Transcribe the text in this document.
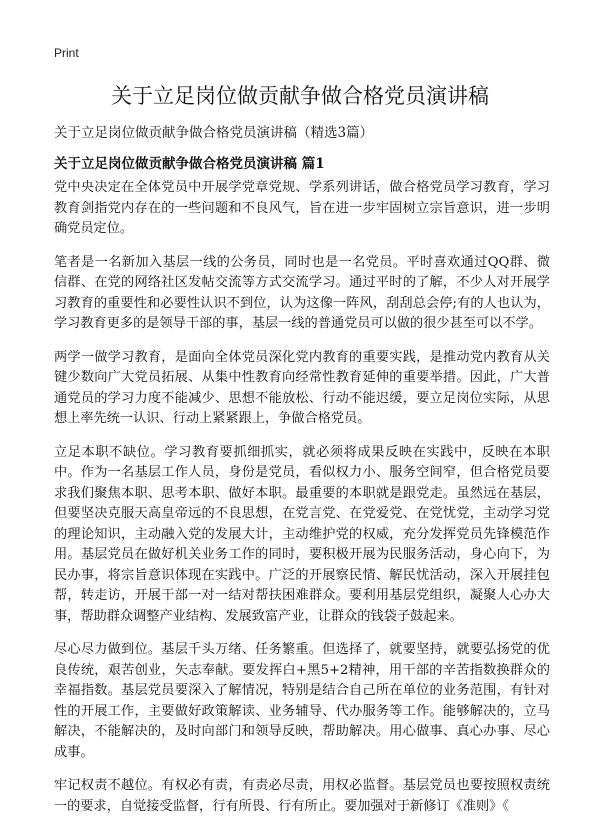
Print
关于立足岗位做贡献争做合格党员演讲稿

关于立足岗位做贡献争做合格党员演讲稿（精选3篇）

关于立足岗位做贡献争做合格党员演讲稿 篇1

党中央决定在全体党员中开展学党章党规、学系列讲话，做合格党员学习教育，学习教育剑指党内存在的一些问题和不良风气，旨在进一步牢固树立宗旨意识，进一步明确党员定位。

笔者是一名新加入基层一线的公务员，同时也是一名党员。平时喜欢通过QQ群、微信群、在党的网络社区发帖交流等方式交流学习。通过平时的了解，不少人对开展学习教育的重要性和必要性认识不到位，认为这像一阵风，刮刮总会停;有的人也认为，学习教育更多的是领导干部的事，基层一线的普通党员可以做的很少甚至可以不学。

两学一做学习教育，是面向全体党员深化党内教育的重要实践，是推动党内教育从关键少数向广大党员拓展、从集中性教育向经常性教育延伸的重要举措。因此，广大普通党员的学习力度不能减少、思想不能放松、行动不能迟缓，要立足岗位实际，从思想上率先统一认识、行动上紧紧跟上，争做合格党员。

立足本职不缺位。学习教育要抓细抓实，就必须将成果反映在实践中，反映在本职中。作为一名基层工作人员，身份是党员，看似权力小、服务空间窄，但合格党员要求我们聚焦本职、思考本职、做好本职。最重要的本职就是跟党走。虽然远在基层，但要坚决克服天高皇帝远的不良思想，在党言党、在党爱党、在党忧党，主动学习党的理论知识，主动融入党的发展大计，主动维护党的权威，充分发挥党员先锋模范作用。基层党员在做好机关业务工作的同时，要积极开展为民服务活动，身心向下，为民办事，将宗旨意识体现在实践中。广泛的开展察民情、解民忧活动，深入开展挂包帮，转走访，开展干部一对一结对帮扶困难群众。要利用基层党组织，凝聚人心办大事，帮助群众调整产业结构、发展致富产业，让群众的钱袋子鼓起来。

尽心尽力做到位。基层千头万绪、任务繁重。但选择了，就要坚持，就要弘扬党的优良传统，艰苦创业，矢志奉献。要发挥白+黑5+2精神，用干部的辛苦指数换群众的幸福指数。基层党员要深入了解情况，特别是结合自己所在单位的业务范围，有针对性的开展工作，主要做好政策解读、业务辅导、代办服务等工作。能够解决的，立马解决，不能解决的，及时向部门和领导反映，帮助解决。用心做事、真心办事、尽心成事。

牢记权责不越位。有权必有责，有责必尽责，用权必监督。基层党员也要按照权责统一的要求，自觉接受监督，行有所畏、行有所止。要加强对于新修订《准则》《
